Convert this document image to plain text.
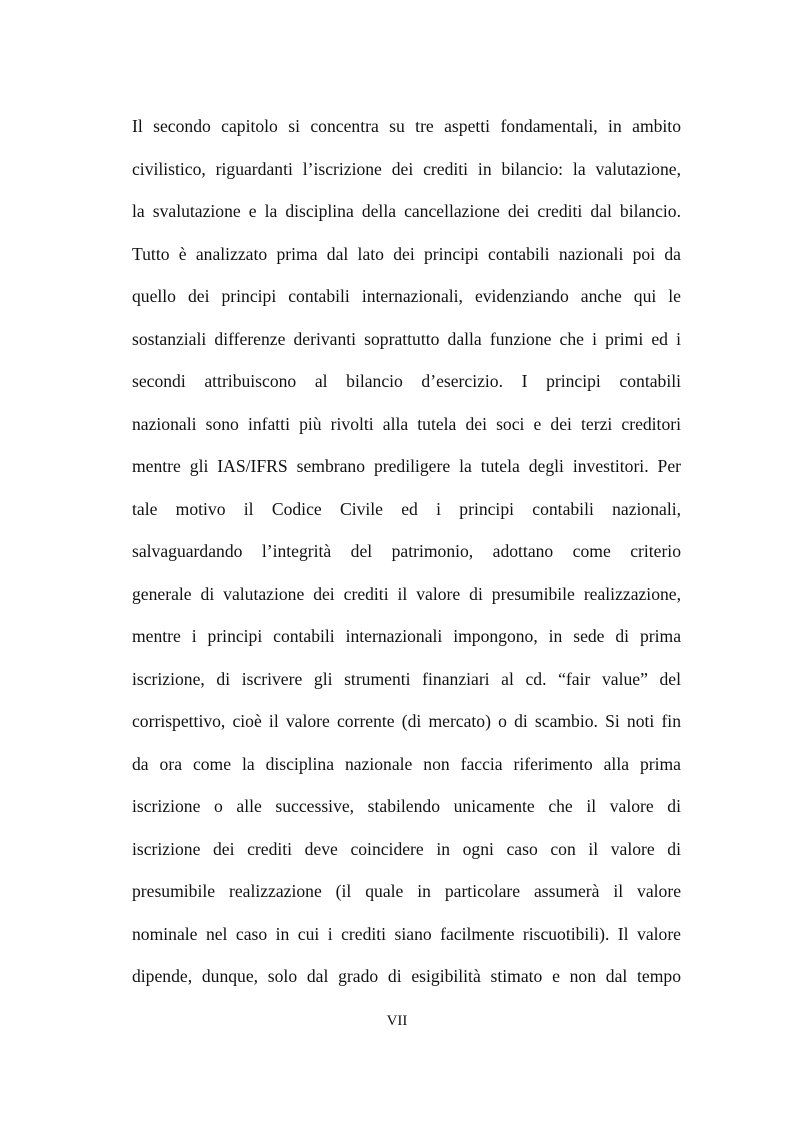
Il secondo capitolo si concentra su tre aspetti fondamentali, in ambito
civilistico, riguardanti l’iscrizione dei crediti in bilancio: la valutazione,
la svalutazione e la disciplina della cancellazione dei crediti dal bilancio.
Tutto è analizzato prima dal lato dei principi contabili nazionali poi da
quello dei principi contabili internazionali, evidenziando anche qui le
sostanziali differenze derivanti soprattutto dalla funzione che i primi ed i
secondi attribuiscono al bilancio d’esercizio. I principi contabili
nazionali sono infatti più rivolti alla tutela dei soci e dei terzi creditori
mentre gli IAS/IFRS sembrano prediligere la tutela degli investitori. Per
tale motivo il Codice Civile ed i principi contabili nazionali,
salvaguardando l’integrità del patrimonio, adottano come criterio
generale di valutazione dei crediti il valore di presumibile realizzazione,
mentre i principi contabili internazionali impongono, in sede di prima
iscrizione, di iscrivere gli strumenti finanziari al cd. “fair value” del
corrispettivo, cioè il valore corrente (di mercato) o di scambio. Si noti fin
da ora come la disciplina nazionale non faccia riferimento alla prima
iscrizione o alle successive, stabilendo unicamente che il valore di
iscrizione dei crediti deve coincidere in ogni caso con il valore di
presumibile realizzazione (il quale in particolare assumerà il valore
nominale nel caso in cui i crediti siano facilmente riscuotibili). Il valore
dipende, dunque, solo dal grado di esigibilità stimato e non dal tempo
VII
